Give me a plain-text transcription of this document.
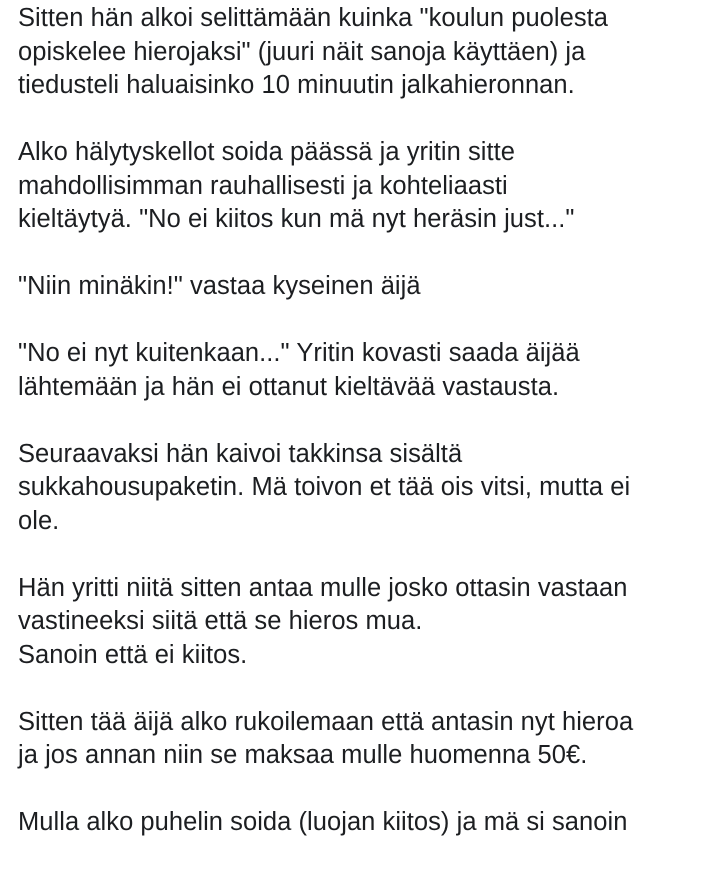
Sitten hän alkoi selittämään kuinka "koulun puolesta
opiskelee hierojaksi" (juuri näit sanoja käyttäen) ja
tiedusteli haluaisinko 10 minuutin jalkahieronnan.

Alko hälytyskellot soida päässä ja yritin sitte
mahdollisimman rauhallisesti ja kohteliaasti
kieltäytyä. "No ei kiitos kun mä nyt heräsin just..."

"Niin minäkin!" vastaa kyseinen äijä

"No ei nyt kuitenkaan..." Yritin kovasti saada äijää
lähtemään ja hän ei ottanut kieltävää vastausta.

Seuraavaksi hän kaivoi takkinsa sisältä
sukkahousupaketin. Mä toivon et tää ois vitsi, mutta ei
ole.

Hän yritti niitä sitten antaa mulle josko ottasin vastaan
vastineeksi siitä että se hieros mua.
Sanoin että ei kiitos.

Sitten tää äijä alko rukoilemaan että antasin nyt hieroa
ja jos annan niin se maksaa mulle huomenna 50€.

Mulla alko puhelin soida (luojan kiitos) ja mä si sanoin
